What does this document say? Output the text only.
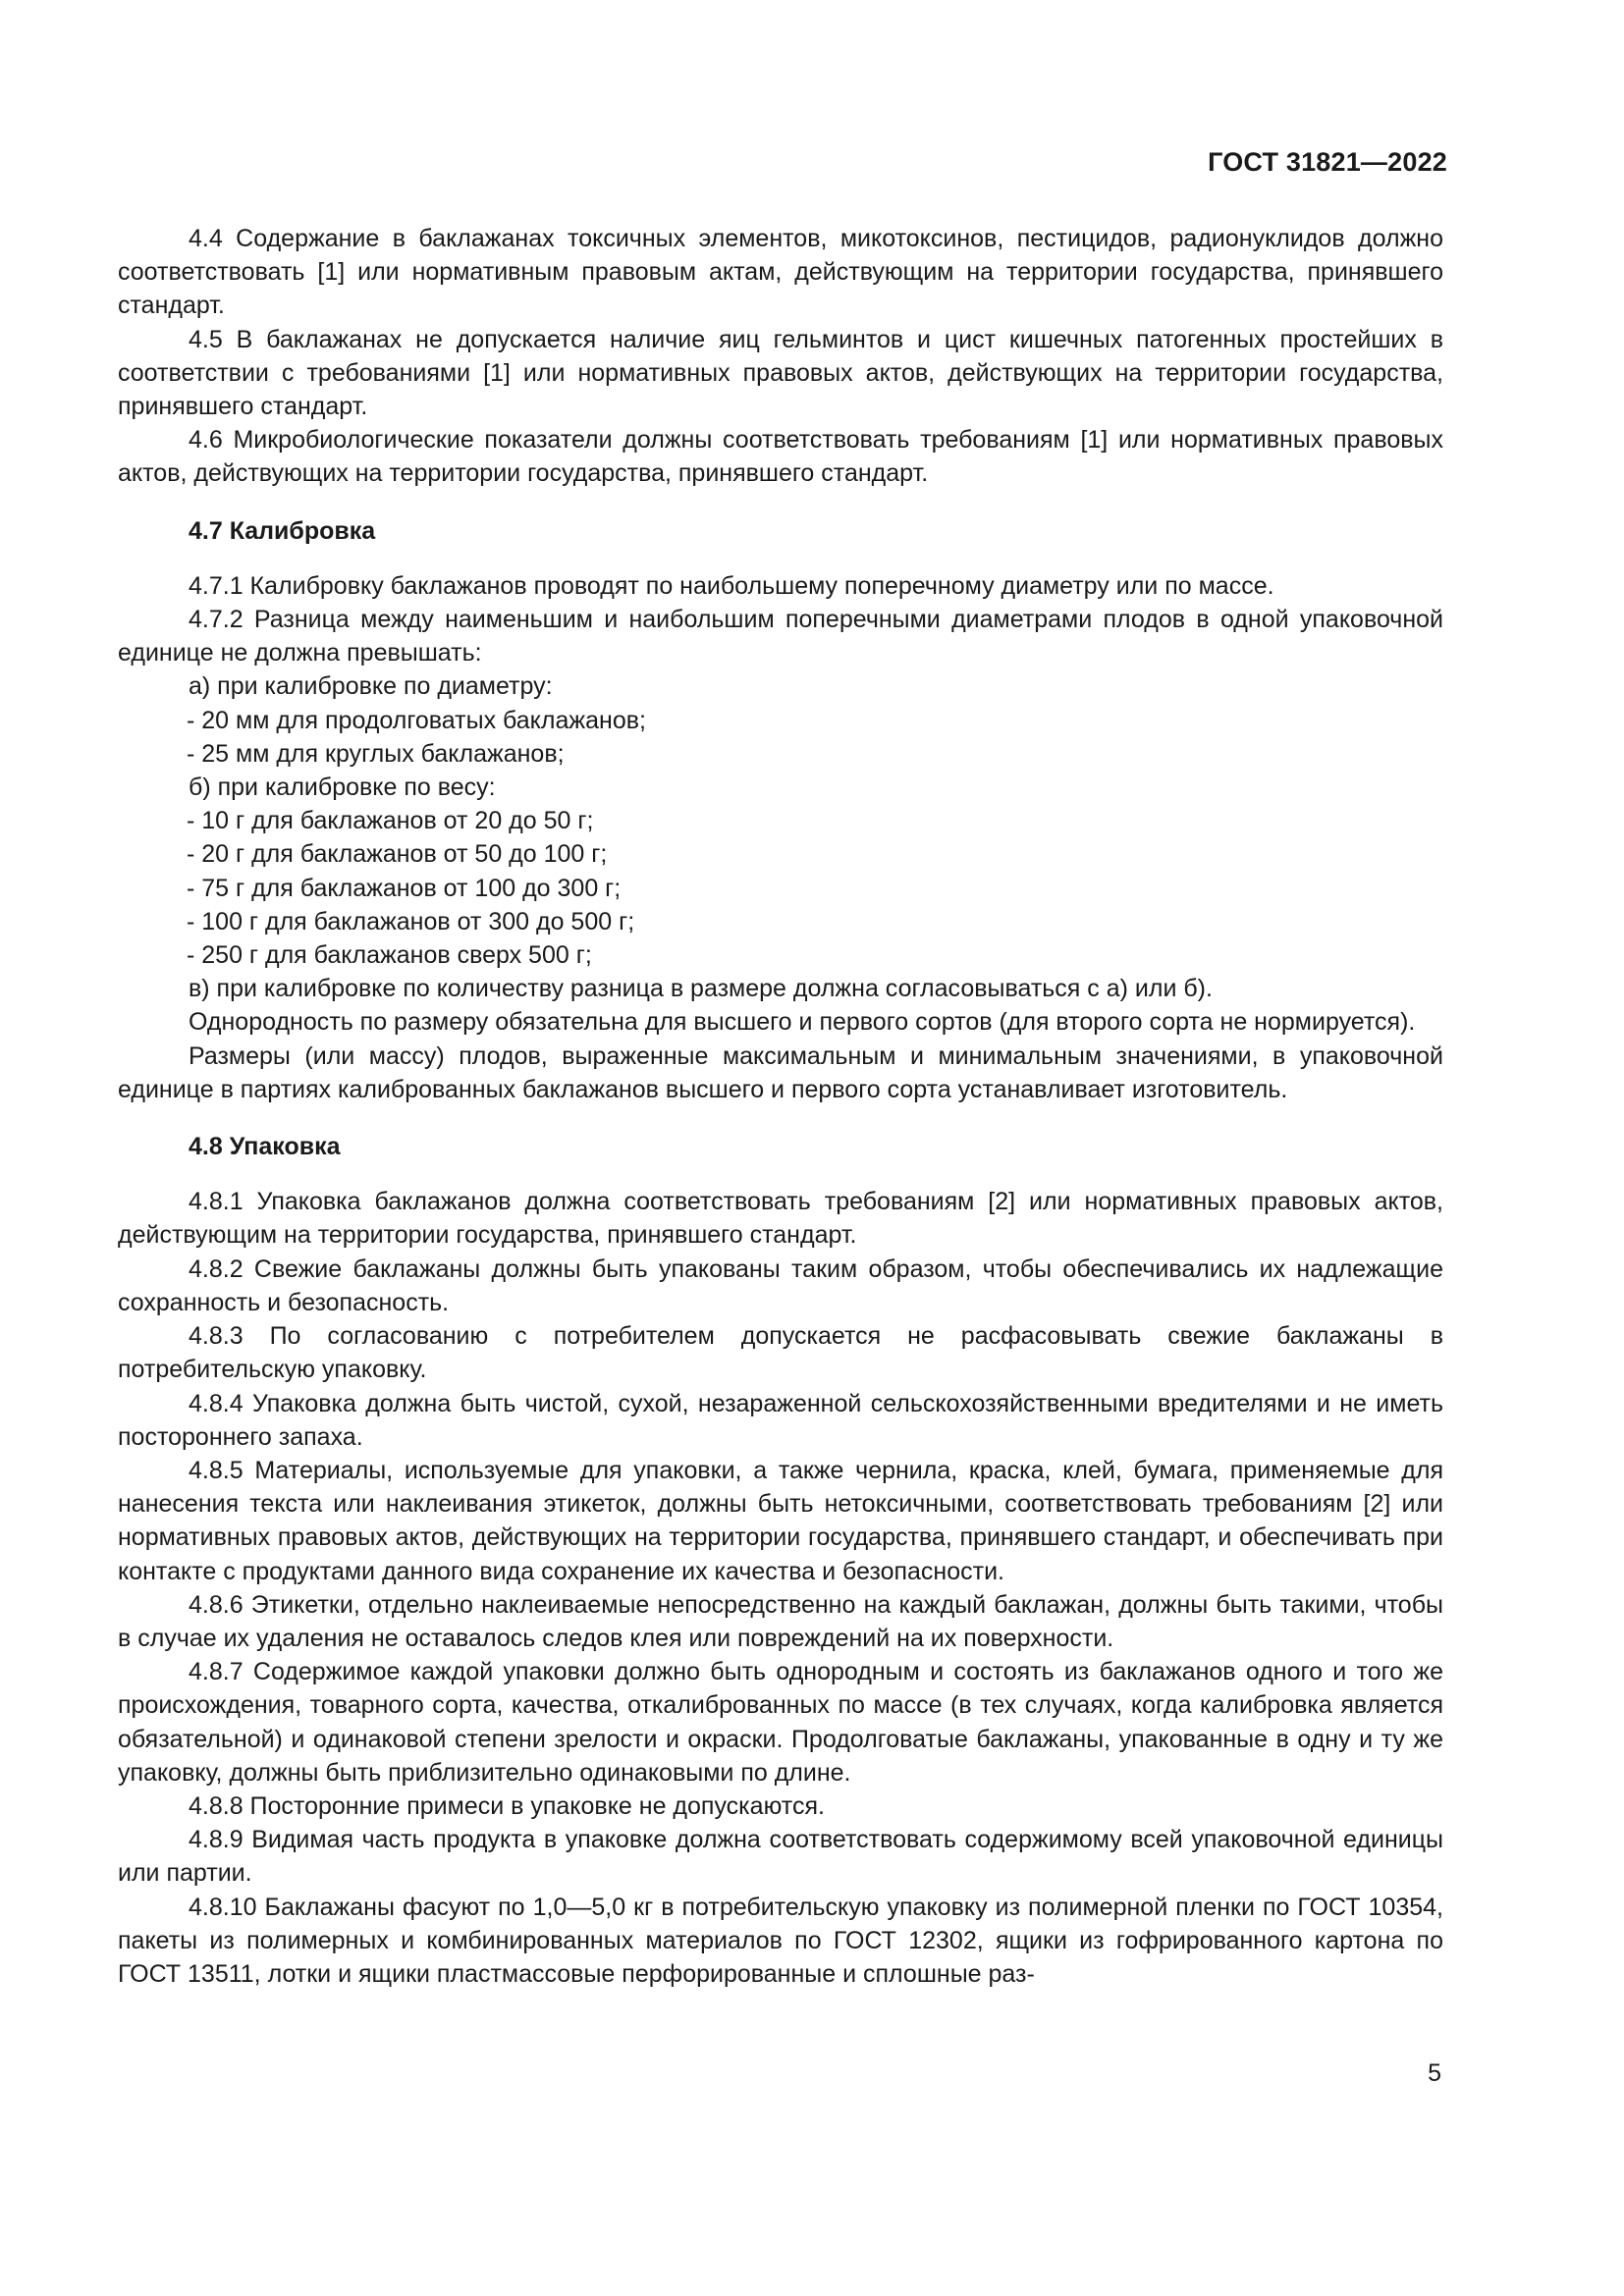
ГОСТ 31821—2022

4.4 Содержание в баклажанах токсичных элементов, микотоксинов, пестицидов, радионуклидов должно соответствовать [1] или нормативным правовым актам, действующим на территории государства, принявшего стандарт.

4.5 В баклажанах не допускается наличие яиц гельминтов и цист кишечных патогенных простейших в соответствии с требованиями [1] или нормативных правовых актов, действующих на территории государства, принявшего стандарт.

4.6 Микробиологические показатели должны соответствовать требованиям [1] или нормативных правовых актов, действующих на территории государства, принявшего стандарт.

4.7 Калибровка

4.7.1 Калибровку баклажанов проводят по наибольшему поперечному диаметру или по массе.

4.7.2 Разница между наименьшим и наибольшим поперечными диаметрами плодов в одной упаковочной единице не должна превышать:

а) при калибровке по диаметру:

- 20 мм для продолговатых баклажанов;

- 25 мм для круглых баклажанов;

б) при калибровке по весу:

- 10 г для баклажанов от 20 до 50 г;

- 20 г для баклажанов от 50 до 100 г;

- 75 г для баклажанов от 100 до 300 г;

- 100 г для баклажанов от 300 до 500 г;

- 250 г для баклажанов сверх 500 г;

в) при калибровке по количеству разница в размере должна согласовываться с а) или б).

Однородность по размеру обязательна для высшего и первого сортов (для второго сорта не нормируется).

Размеры (или массу) плодов, выраженные максимальным и минимальным значениями, в упаковочной единице в партиях калиброванных баклажанов высшего и первого сорта устанавливает изготовитель.

4.8 Упаковка

4.8.1 Упаковка баклажанов должна соответствовать требованиям [2] или нормативных правовых актов, действующим на территории государства, принявшего стандарт.

4.8.2 Свежие баклажаны должны быть упакованы таким образом, чтобы обеспечивались их надлежащие сохранность и безопасность.

4.8.3 По согласованию с потребителем допускается не расфасовывать свежие баклажаны в потребительскую упаковку.

4.8.4 Упаковка должна быть чистой, сухой, незараженной сельскохозяйственными вредителями и не иметь постороннего запаха.

4.8.5 Материалы, используемые для упаковки, а также чернила, краска, клей, бумага, применяемые для нанесения текста или наклеивания этикеток, должны быть нетоксичными, соответствовать требованиям [2] или нормативных правовых актов, действующих на территории государства, принявшего стандарт, и обеспечивать при контакте с продуктами данного вида сохранение их качества и безопасности.

4.8.6 Этикетки, отдельно наклеиваемые непосредственно на каждый баклажан, должны быть такими, чтобы в случае их удаления не оставалось следов клея или повреждений на их поверхности.

4.8.7 Содержимое каждой упаковки должно быть однородным и состоять из баклажанов одного и того же происхождения, товарного сорта, качества, откалиброванных по массе (в тех случаях, когда калибровка является обязательной) и одинаковой степени зрелости и окраски. Продолговатые баклажаны, упакованные в одну и ту же упаковку, должны быть приблизительно одинаковыми по длине.

4.8.8 Посторонние примеси в упаковке не допускаются.

4.8.9 Видимая часть продукта в упаковке должна соответствовать содержимому всей упаковочной единицы или партии.

4.8.10 Баклажаны фасуют по 1,0—5,0 кг в потребительскую упаковку из полимерной пленки по ГОСТ 10354, пакеты из полимерных и комбинированных материалов по ГОСТ 12302, ящики из гофрированного картона по ГОСТ 13511, лотки и ящики пластмассовые перфорированные и сплошные раз-

5
